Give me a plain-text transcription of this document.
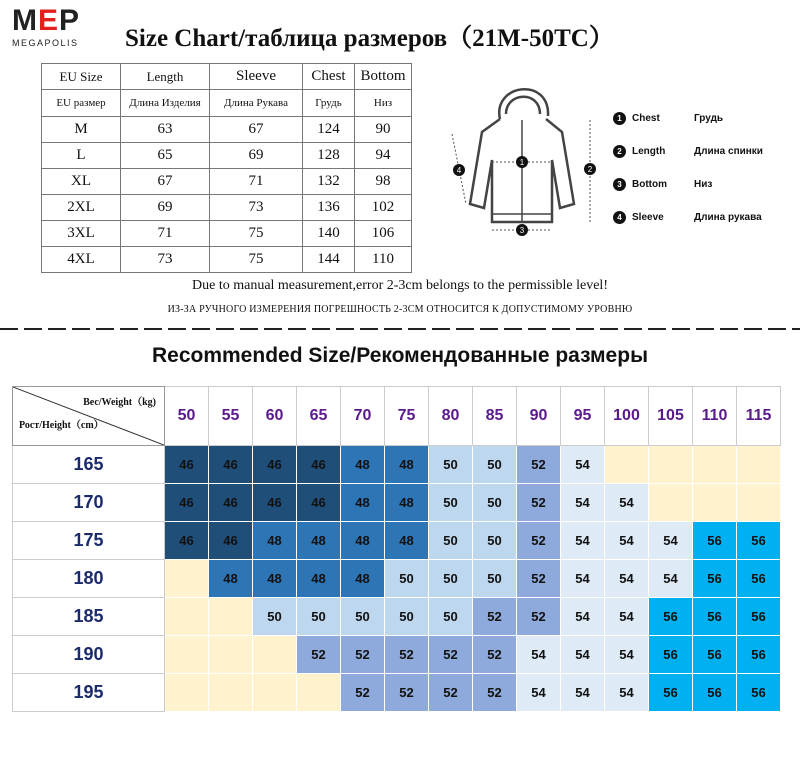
MEP
MEGAPOLIS	Size Chart/таблица размеров（21M-50TC）
EU Size	Length	Sleeve	Chest	Bottom
EU размер	Длина Изделия	Длина Рукава	Грудь	Низ
M	63	67	124	90
L	65	69	128	94
XL	67	71	132	98
2XL	69	73	136	102
3XL	71	75	140	106
4XL	73	75	144	110
1
2
3
4
1	Chest	Грудь
2	Length	Длина спинки
3	Bottom	Низ
4	Sleeve	Длина рукава
Due to manual measurement,error 2-3cm belongs to the permissible level!
ИЗ-ЗА РУЧНОГО ИЗМЕРЕНИЯ ПОГРЕШНОСТЬ 2-3CM ОТНОСИТСЯ К ДОПУСТИМОМУ УРОВНЮ
Recommended Size/Рекомендованные размеры
Вес/Weight（kg)
Рост/Height（cm）	50	55	60	65	70	75	80	85	90	95	100	105	110	115
165	46	46	46	46	48	48	50	50	52	54				
170	46	46	46	46	48	48	50	50	52	54	54			
175	46	46	48	48	48	48	50	50	52	54	54	54	56	56
180		48	48	48	48	50	50	50	52	54	54	54	56	56
185			50	50	50	50	50	52	52	54	54	56	56	56
190				52	52	52	52	52	54	54	54	56	56	56
195					52	52	52	52	54	54	54	56	56	56
